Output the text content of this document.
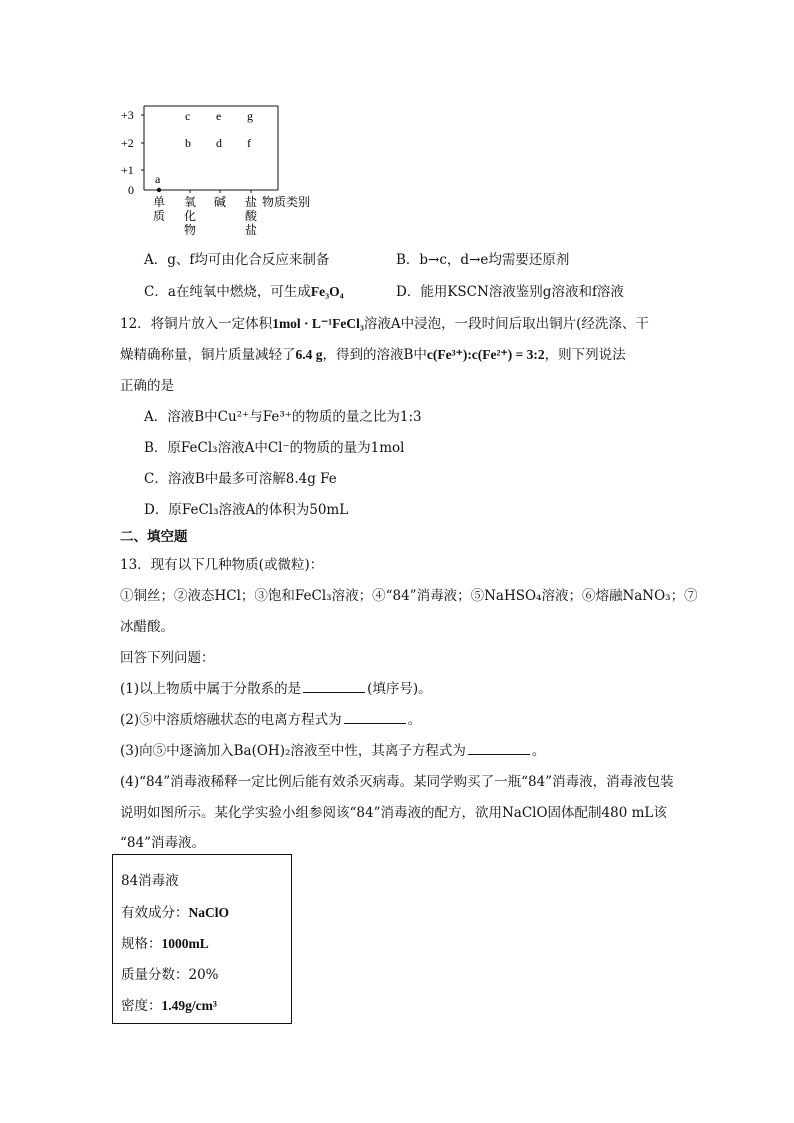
+3
+2
+1
0
c e g
b d f
a
单
质
氧
化
物
碱 盐
酸
盐
物质类别
A．g、f均可由化合反应来制备	B．b→c，d→e均需要还原剂
C．a在纯氧中燃烧，可生成Fe₃O₄	D．能用KSCN溶液鉴别g溶液和f溶液
12．将铜片放入一定体积1mol · L⁻¹FeCl₃溶液A中浸泡，一段时间后取出铜片(经洗涤、干
燥精确称量，铜片质量减轻了6.4 g，得到的溶液B中c(Fe³⁺):c(Fe²⁺) = 3:2，则下列说法
正确的是
A．溶液B中Cu²⁺与Fe³⁺的物质的量之比为1:3
B．原FeCl₃溶液A中Cl⁻的物质的量为1mol
C．溶液B中最多可溶解8.4g Fe
D．原FeCl₃溶液A的体积为50mL
二、填空题
13．现有以下几种物质(或微粒)：
①铜丝；②液态HCl；③饱和FeCl₃溶液；④“84”消毒液；⑤NaHSO₄溶液；⑥熔融NaNO₃；⑦
冰醋酸。
回答下列问题：
(1)以上物质中属于分散系的是	(填序号)。
(2)⑤中溶质熔融状态的电离方程式为	。
(3)向⑤中逐滴加入Ba(OH)₂溶液至中性，其离子方程式为	。
(4)“84”消毒液稀释一定比例后能有效杀灭病毒。某同学购买了一瓶“84”消毒液，消毒液包装
说明如图所示。某化学实验小组参阅该“84”消毒液的配方，欲用NaClO固体配制480 mL该
“84”消毒液。
84消毒液
有效成分：NaClO
规格：1000mL
质量分数：20%
密度：1.49g/cm³
